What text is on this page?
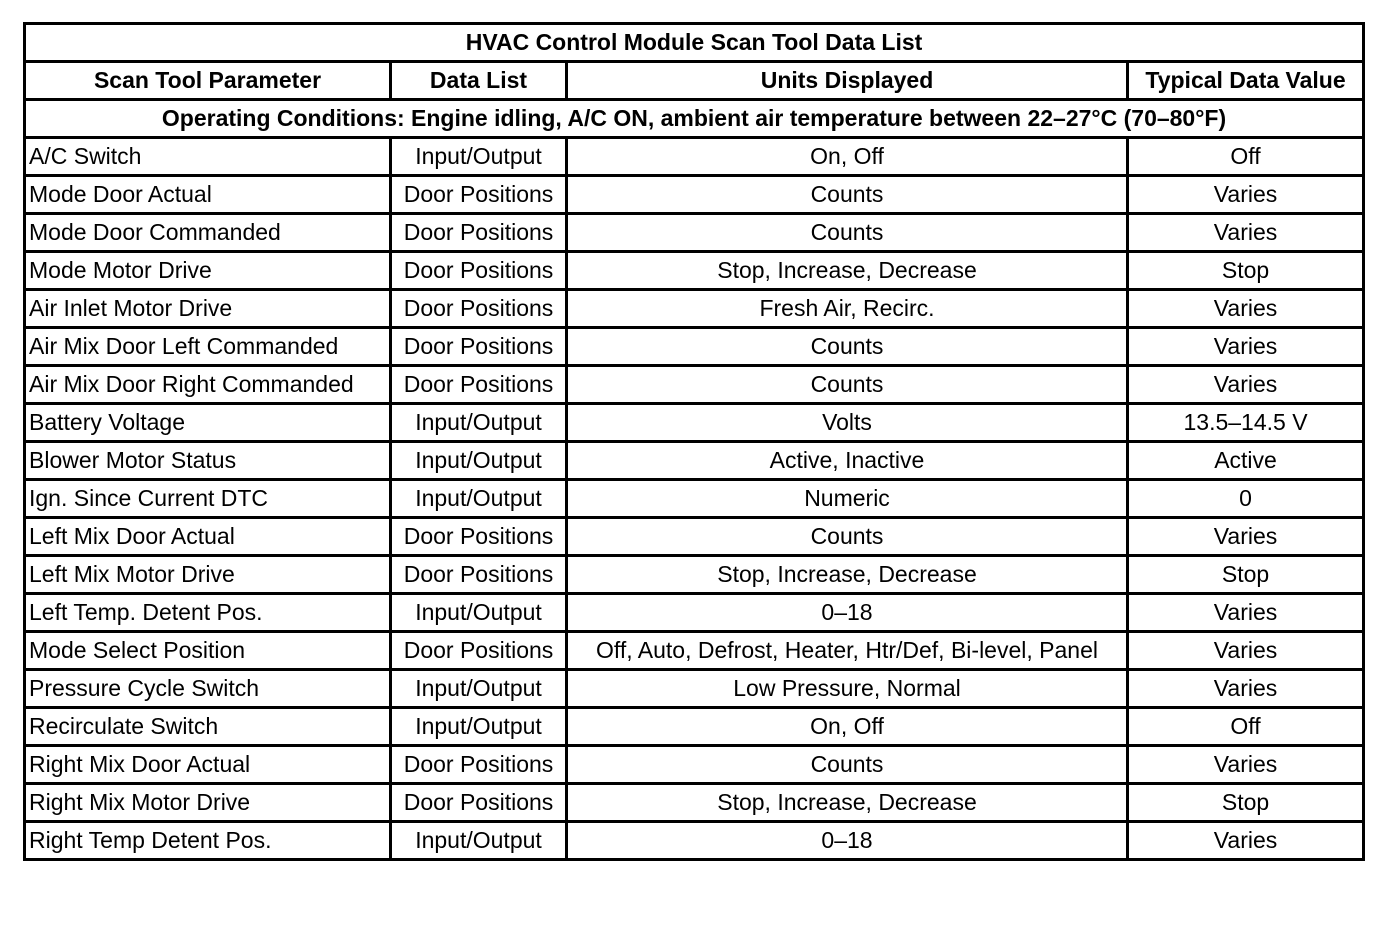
HVAC Control Module Scan Tool Data List			
Scan Tool Parameter	Data List	Units Displayed	Typical Data Value
Operating Conditions: Engine idling, A/C ON, ambient air temperature between 22–27°C (70–80°F)			
A/C Switch	Input/Output	On, Off	Off
Mode Door Actual	Door Positions	Counts	Varies
Mode Door Commanded	Door Positions	Counts	Varies
Mode Motor Drive	Door Positions	Stop, Increase, Decrease	Stop
Air Inlet Motor Drive	Door Positions	Fresh Air, Recirc.	Varies
Air Mix Door Left Commanded	Door Positions	Counts	Varies
Air Mix Door Right Commanded	Door Positions	Counts	Varies
Battery Voltage	Input/Output	Volts	13.5–14.5 V
Blower Motor Status	Input/Output	Active, Inactive	Active
Ign. Since Current DTC	Input/Output	Numeric	0
Left Mix Door Actual	Door Positions	Counts	Varies
Left Mix Motor Drive	Door Positions	Stop, Increase, Decrease	Stop
Left Temp. Detent Pos.	Input/Output	0–18	Varies
Mode Select Position	Door Positions	Off, Auto, Defrost, Heater, Htr/Def, Bi-level, Panel	Varies
Pressure Cycle Switch	Input/Output	Low Pressure, Normal	Varies
Recirculate Switch	Input/Output	On, Off	Off
Right Mix Door Actual	Door Positions	Counts	Varies
Right Mix Motor Drive	Door Positions	Stop, Increase, Decrease	Stop
Right Temp Detent Pos.	Input/Output	0–18	Varies
